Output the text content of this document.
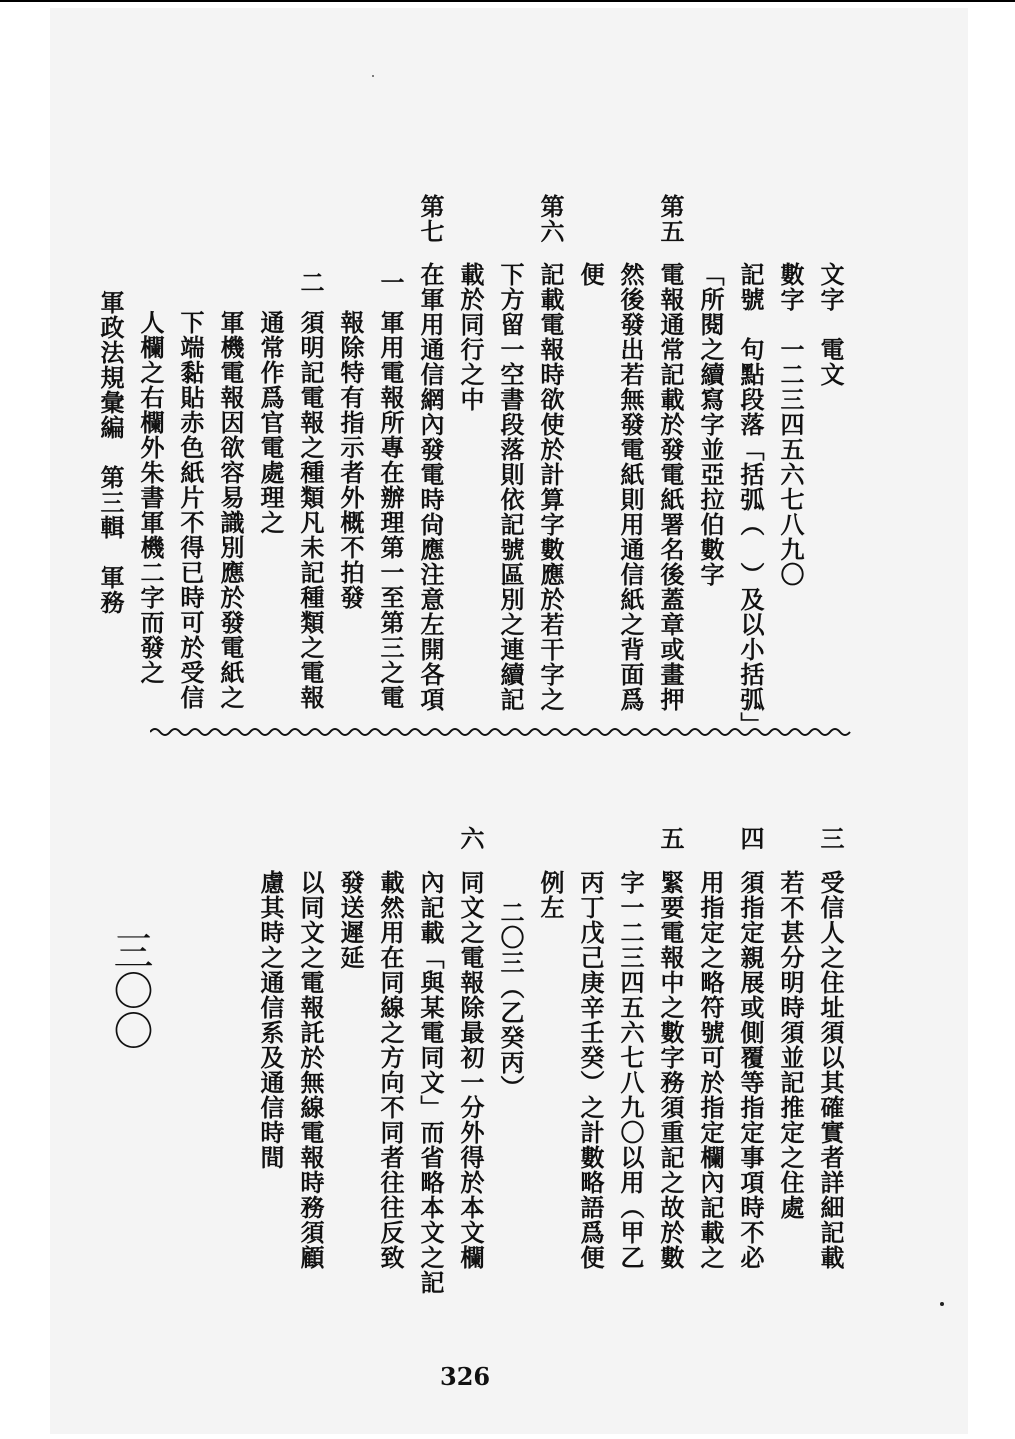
文字　電文
數字　一二三四五六七八九〇
記號　句點段落「括弧（　）及以小括弧」
「所閱之續寫字並亞拉伯數字
第五
電報通常記載於發電紙署名後蓋章或畫押
然後發出若無發電紙則用通信紙之背面爲
便
第六
記載電報時欲使於計算字數應於若干字之
下方留一空書段落則依記號區別之連續記
載於同行之中
第七
在軍用通信網內發電時尙應注意左開各項
一
軍用電報所專在辦理第一至第三之電
報除特有指示者外概不拍發
二
須明記電報之種類凡未記種類之電報
通常作爲官電處理之
軍機電報因欲容易識別應於發電紙之
下端黏貼赤色紙片不得已時可於受信
人欄之右欄外朱書軍機二字而發之
軍政法規彙編　第三輯　軍務
三
受信人之住址須以其確實者詳細記載
若不甚分明時須並記推定之住處
四
須指定親展或側覆等指定事項時不必
用指定之略符號可於指定欄內記載之
五
緊要電報中之數字務須重記之故於數
字一二三四五六七八九〇以用（甲乙
丙丁戊己庚辛壬癸）之計數略語爲便
例左
二〇三（乙癸丙）
六
同文之電報除最初一分外得於本文欄
內記載「與某電同文」而省略本文之記
載然用在同線之方向不同者往往反致
發送遲延
以同文之電報託於無線電報時務須顧
慮其時之通信系及通信時間
三〇〇
326
